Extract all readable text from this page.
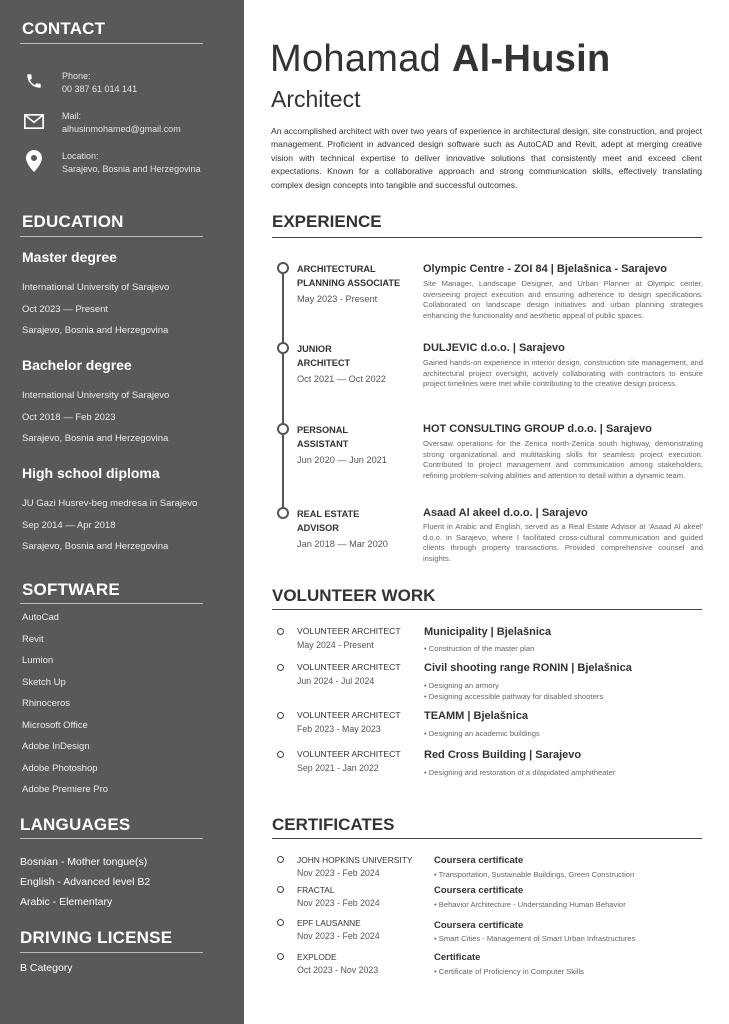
CONTACT
Phone:
00 387 61 014 141
Mail:
alhusinmohamed@gmail.com
Location:
Sarajevo, Bosnia and Herzegovina
EDUCATION
Master degree
International University of Sarajevo
Oct 2023 — Present
Sarajevo, Bosnia and Herzegovina
Bachelor degree
International University of Sarajevo
Oct 2018 — Feb 2023
Sarajevo, Bosnia and Herzegovina
High school diploma
JU Gazi Husrev-beg medresa in Sarajevo
Sep 2014 — Apr 2018
Sarajevo, Bosnia and Herzegovina
SOFTWARE
AutoCad
Revit
Lumion
Sketch Up
Rhinoceros
Microsoft Office
Adobe InDesign
Adobe Photoshop
Adobe Premiere Pro
LANGUAGES
Bosnian - Mother tongue(s)
English - Advanced level B2
Arabic - Elementary
DRIVING LICENSE
B Category
Mohamad Al-Husin
Architect
An accomplished architect with over two years of experience in architectural design, site construction, and project management. Proficient in advanced design software such as AutoCAD and Revit, adept at merging creative vision with technical expertise to deliver innovative solutions that consistently meet and exceed client expectations. Known for a collaborative approach and strong communication skills, effectively translating complex design concepts into tangible and successful outcomes.
EXPERIENCE
ARCHITECTURAL PLANNING ASSOCIATE
May 2023 - Present
Olympic Centre - ZOI 84 | Bjelašnica - Sarajevo
Site Manager, Landscape Designer, and Urban Planner at Olympic center, overseeing project execution and ensuring adherence to design specifications. Collaborated on landscape design initiatives and urban planning strategies enhancing the functionality and aesthetic appeal of public spaces.
JUNIOR ARCHITECT
Oct 2021 — Oct 2022
DULJEVIC d.o.o. | Sarajevo
Gained hands-on experience in interior design, construction site management, and architectural project oversight, actively collaborating with contractors to ensure project timelines were met while contributing to the creative design process.
PERSONAL ASSISTANT
Jun 2020 — Jun 2021
HOT CONSULTING GROUP d.o.o. | Sarajevo
Oversaw operations for the Zenica north-Zenica south highway, demonstrating strong organizational and multitasking skills for seamless project execution. Contributed to project management and communication among stakeholders, refining problem-solving abilities and attention to detail within a dynamic team.
REAL ESTATE ADVISOR
Jan 2018 — Mar 2020
Asaad Al akeel d.o.o. | Sarajevo
Fluent in Arabic and English, served as a Real Estate Advisor at 'Asaad Al akeel' d.o.o. in Sarajevo, where I facilitated cross-cultural communication and guided clients through property transactions. Provided comprehensive counsel and insights.
VOLUNTEER WORK
VOLUNTEER ARCHITECT
May 2024 - Present
Municipality | Bjelašnica
• Construction of the master plan
VOLUNTEER ARCHITECT
Jun 2024 - Jul 2024
Civil shooting range RONIN | Bjelašnica
• Designing an armory
• Designing accessible pathway for disabled shooters
VOLUNTEER ARCHITECT
Feb 2023 - May 2023
TEAMM | Bjelašnica
• Designing an academic buildings
VOLUNTEER ARCHITECT
Sep 2021 - Jan 2022
Red Cross Building | Sarajevo
• Designing and restoration of a dilapidated amphitheater
CERTIFICATES
JOHN HOPKINS UNIVERSITY
Nov 2023 - Feb 2024
Coursera certificate
• Transportation, Sustainable Buildings, Green Construction
FRACTAL
Nov 2023 - Feb 2024
Coursera certificate
• Behavior Architecture - Understanding Human Behavior
EPF LAUSANNE
Nov 2023 - Feb 2024
Coursera certificate
• Smart Cities - Management of Smart Urban Infrastructures
EXPLODE
Oct 2023 - Nov 2023
Certificate
• Certificate of Proficiency in Computer Skills
